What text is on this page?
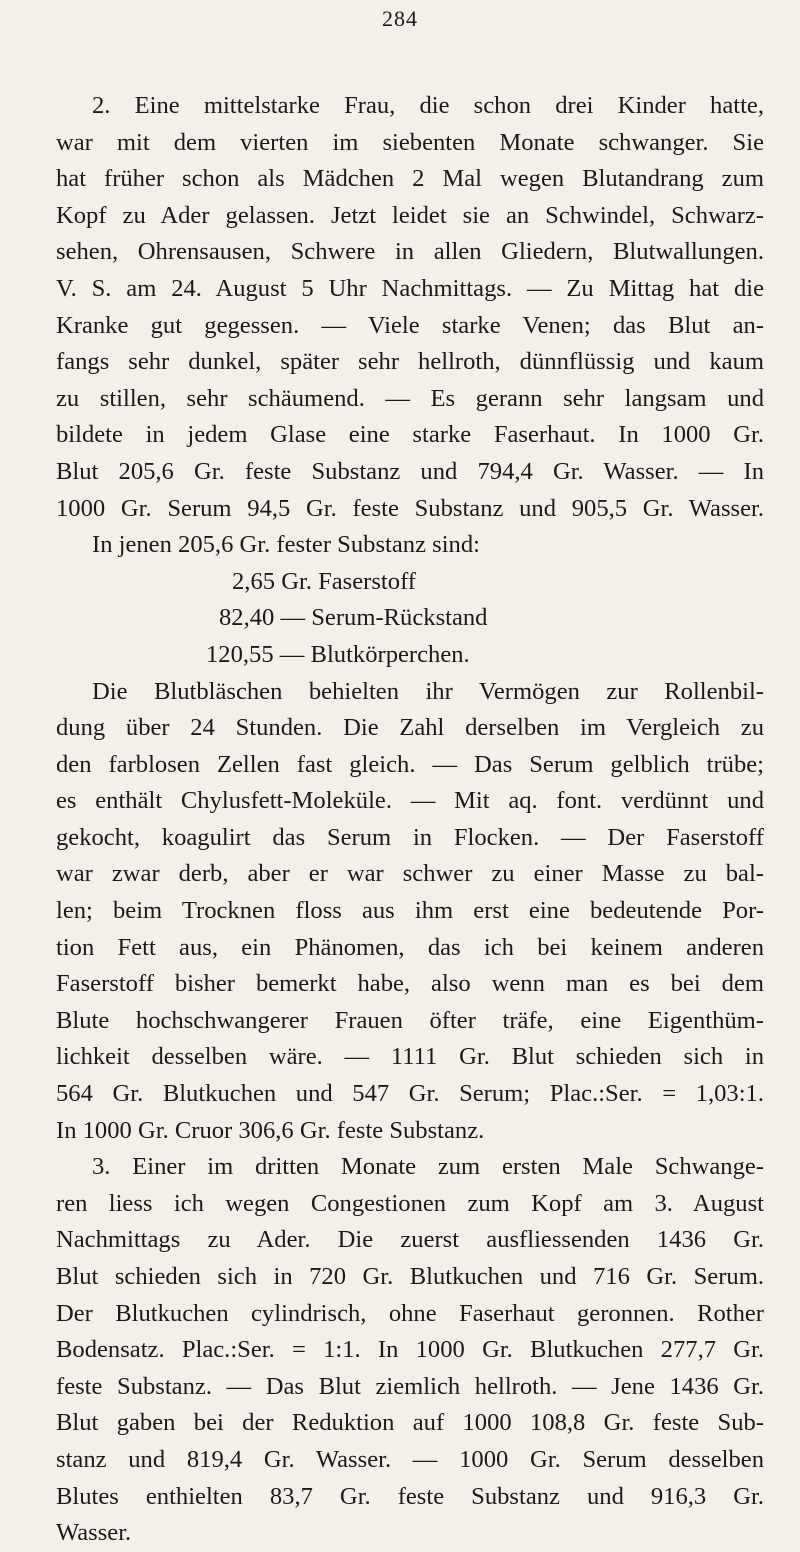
284
2. Eine mittelstarke Frau, die schon drei Kinder hatte,
war mit dem vierten im siebenten Monate schwanger. Sie
hat früher schon als Mädchen 2 Mal wegen Blutandrang zum
Kopf zu Ader gelassen. Jetzt leidet sie an Schwindel, Schwarz-
sehen, Ohrensausen, Schwere in allen Gliedern, Blutwallungen.
V. S. am 24. August 5 Uhr Nachmittags. — Zu Mittag hat die
Kranke gut gegessen. — Viele starke Venen; das Blut an-
fangs sehr dunkel, später sehr hellroth, dünnflüssig und kaum
zu stillen, sehr schäumend. — Es gerann sehr langsam und
bildete in jedem Glase eine starke Faserhaut. In 1000 Gr.
Blut 205,6 Gr. feste Substanz und 794,4 Gr. Wasser. — In
1000 Gr. Serum 94,5 Gr. feste Substanz und 905,5 Gr. Wasser.
In jenen 205,6 Gr. fester Substanz sind:
2,65 Gr. Faserstoff
82,40 — Serum-Rückstand
120,55 — Blutkörperchen.
Die Blutbläschen behielten ihr Vermögen zur Rollenbil-
dung über 24 Stunden. Die Zahl derselben im Vergleich zu
den farblosen Zellen fast gleich. — Das Serum gelblich trübe;
es enthält Chylusfett-Moleküle. — Mit aq. font. verdünnt und
gekocht, koagulirt das Serum in Flocken. — Der Faserstoff
war zwar derb, aber er war schwer zu einer Masse zu bal-
len; beim Trocknen floss aus ihm erst eine bedeutende Por-
tion Fett aus, ein Phänomen, das ich bei keinem anderen
Faserstoff bisher bemerkt habe, also wenn man es bei dem
Blute hochschwangerer Frauen öfter träfe, eine Eigenthüm-
lichkeit desselben wäre. — 1111 Gr. Blut schieden sich in
564 Gr. Blutkuchen und 547 Gr. Serum; Plac.:Ser. = 1,03:1.
In 1000 Gr. Cruor 306,6 Gr. feste Substanz.
3. Einer im dritten Monate zum ersten Male Schwange-
ren liess ich wegen Congestionen zum Kopf am 3. August
Nachmittags zu Ader. Die zuerst ausfliessenden 1436 Gr.
Blut schieden sich in 720 Gr. Blutkuchen und 716 Gr. Serum.
Der Blutkuchen cylindrisch, ohne Faserhaut geronnen. Rother
Bodensatz. Plac.:Ser. = 1:1. In 1000 Gr. Blutkuchen 277,7 Gr.
feste Substanz. — Das Blut ziemlich hellroth. — Jene 1436 Gr.
Blut gaben bei der Reduktion auf 1000 108,8 Gr. feste Sub-
stanz und 819,4 Gr. Wasser. — 1000 Gr. Serum desselben
Blutes enthielten 83,7 Gr. feste Substanz und 916,3 Gr.
Wasser.
